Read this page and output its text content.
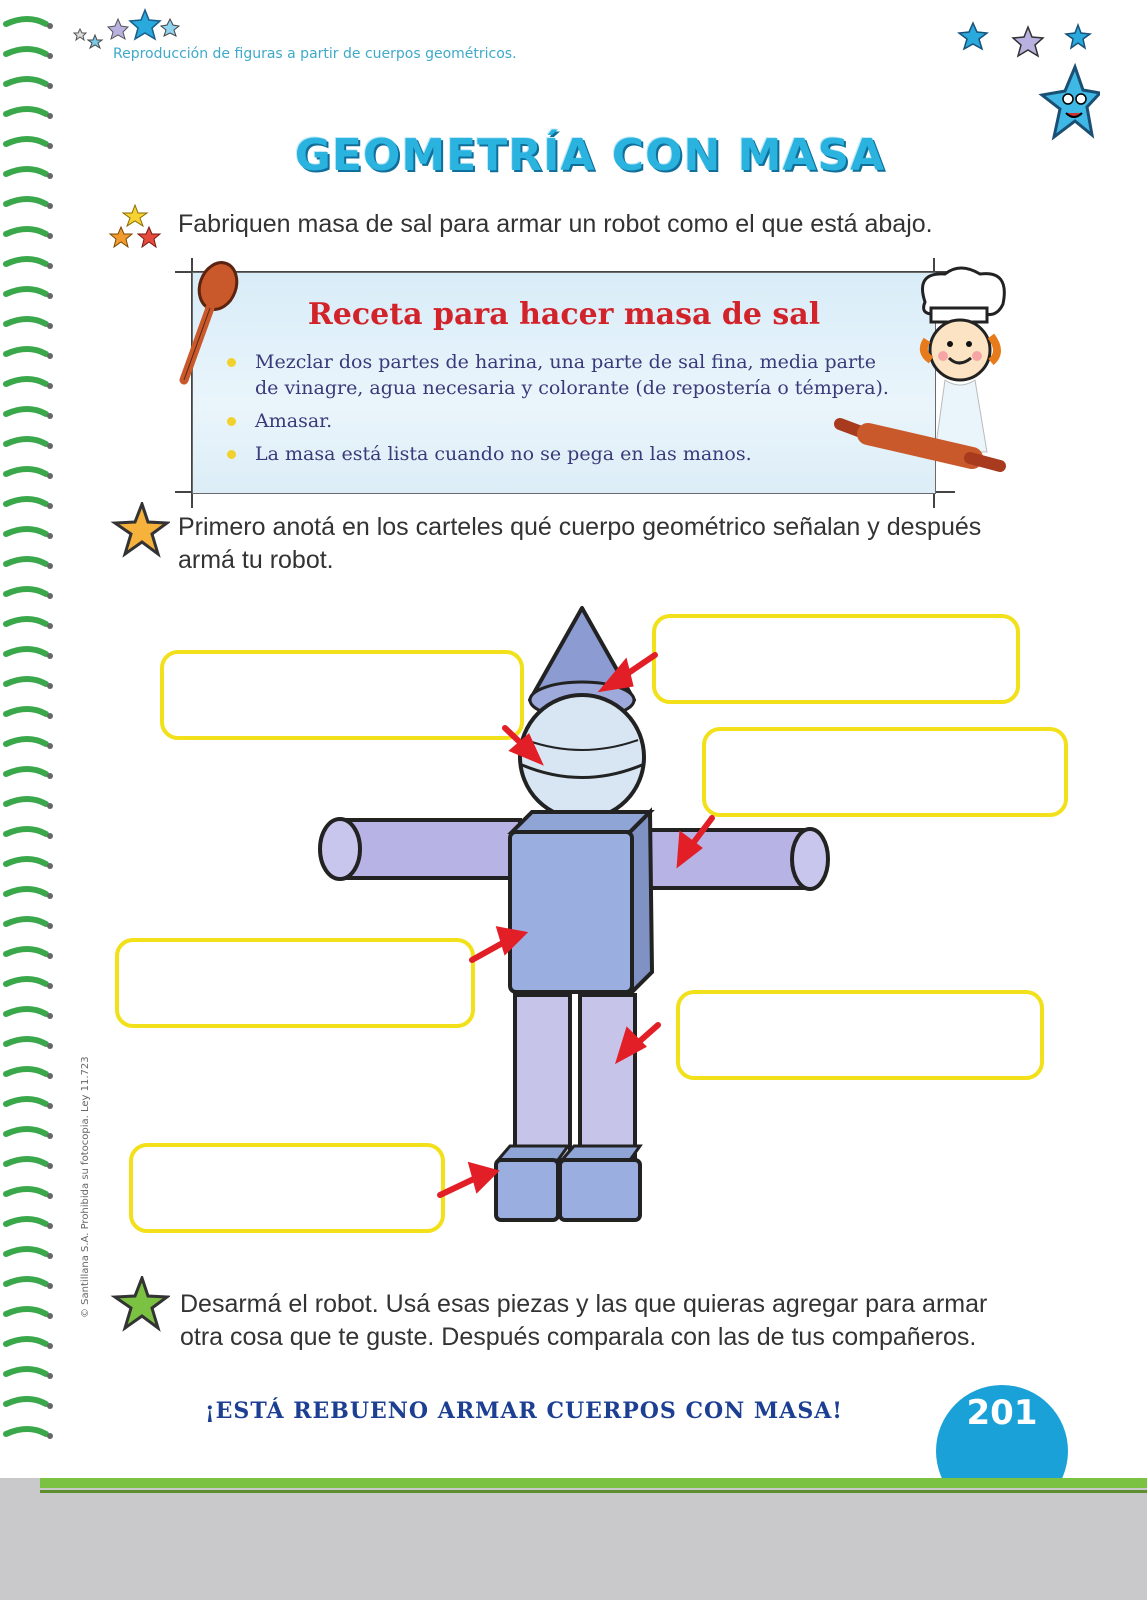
Reproducción de figuras a partir de cuerpos geométricos.
GEOMETRÍA CON MASA
Fabriquen masa de sal para armar un robot como el que está abajo.
Receta para hacer masa de sal
Mezclar dos partes de harina, una parte de sal fina, media parte
de vinagre, agua necesaria y colorante (de repostería o témpera).
Amasar.
La masa está lista cuando no se pega en las manos.
Primero anotá en los carteles qué cuerpo geométrico señalan y después
armá tu robot.
Desarmá el robot. Usá esas piezas y las que quieras agregar para armar
otra cosa que te guste. Después comparala con las de tus compañeros.
© Santillana S.A. Prohibida su fotocopia. Ley 11.723
¡ESTÁ REBUENO ARMAR CUERPOS CON MASA!	201
